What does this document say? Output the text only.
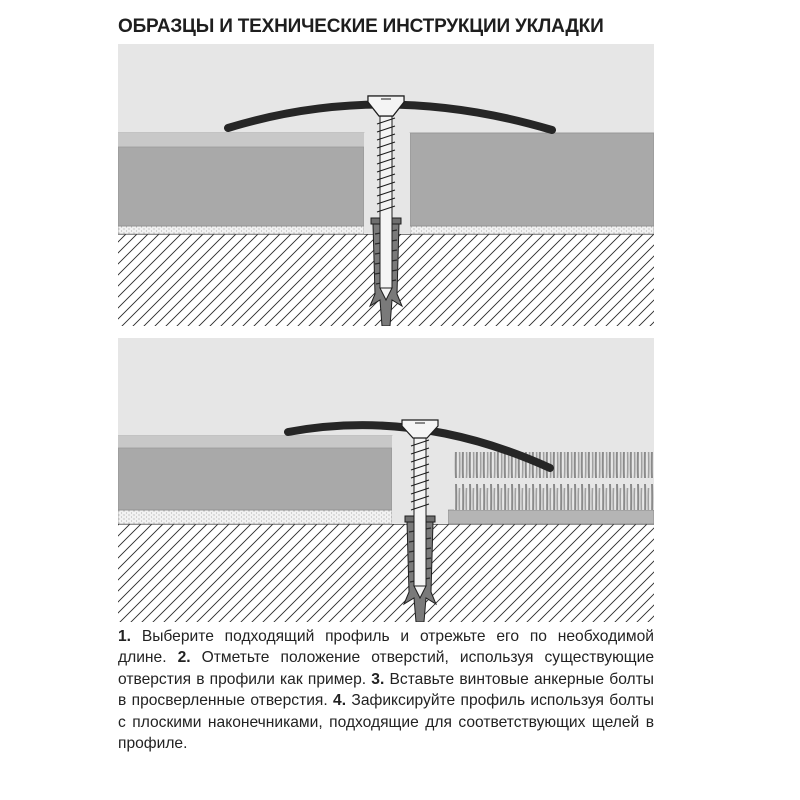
ОБРАЗЦЫ И ТЕХНИЧЕСКИЕ ИНСТРУКЦИИ УКЛАДКИ
1. Выберите подходящий профиль и отрежьте его по необходимой длине. 2. Отметьте положение отверстий, используя существующие отверстия в профили как пример. 3. Вставьте винтовые анкерные болты в просверленные отверстия. 4. Зафиксируйте профиль используя болты с плоскими наконечниками, подходящие для соответствующих щелей в профиле.
